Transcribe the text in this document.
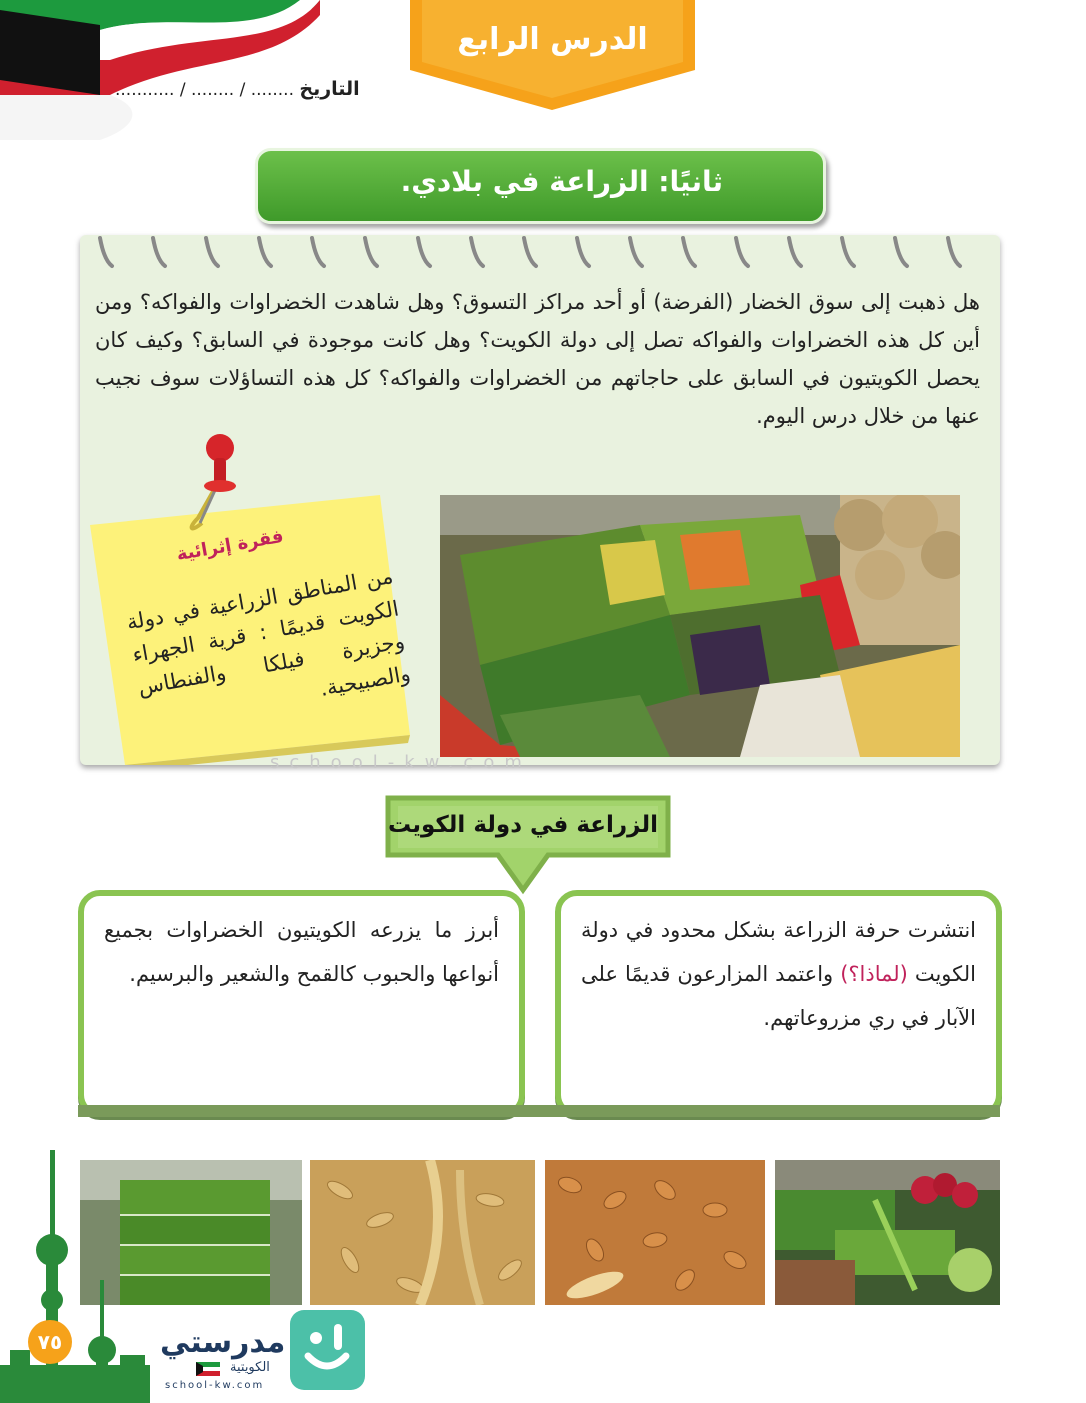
الدرس الرابع
التاريخ ........ / ........ / ...........
ثانيًا: الزراعة في بلادي.
هل ذهبت إلى سوق الخضار (الفرضة) أو أحد مراكز التسوق؟ وهل شاهدت الخضراوات والفواكه؟ ومن أين كل هذه الخضراوات والفواكه تصل إلى دولة الكويت؟ وهل كانت موجودة في السابق؟ وكيف كان يحصل الكويتيون في السابق على حاجاتهم من الخضراوات والفواكه؟ كل هذه التساؤلات سوف نجيب عنها من خلال درس اليوم.
فقرة إثرائية
من المناطق الزراعية في دولة الكويت قديمًا : قرية الجهراء وجزيرة فيلكا والفنطاس والصبيحية.
school-kw.com
الزراعة في دولة الكويت
انتشرت حرفة الزراعة بشكل محدود في دولة الكويت (لماذا؟) واعتمد المزارعون قديمًا على الآبار في ري مزروعاتهم.
أبرز ما يزرعه الكويتيون الخضراوات بجميع أنواعها والحبوب كالقمح والشعير والبرسيم.
٧٥	مدرستي
الكويتية
school-kw.com
